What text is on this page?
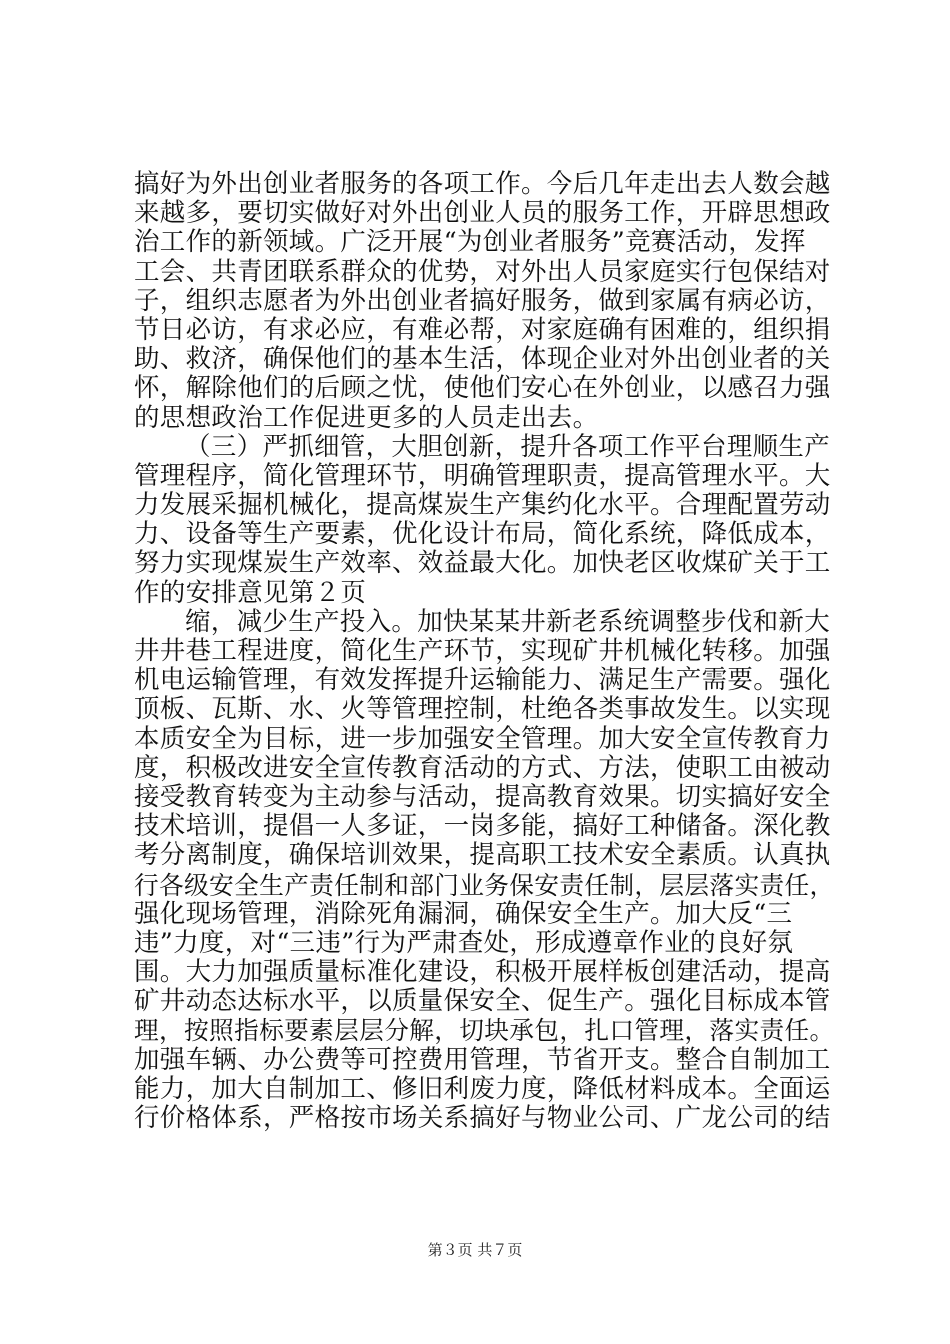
搞好为外出创业者服务的各项工作。今后几年走出去人数会越
来越多，要切实做好对外出创业人员的服务工作，开辟思想政
治工作的新领域。广泛开展“为创业者服务”竞赛活动，发挥
工会、共青团联系群众的优势，对外出人员家庭实行包保结对
子，组织志愿者为外出创业者搞好服务，做到家属有病必访，
节日必访，有求必应，有难必帮，对家庭确有困难的，组织捐
助、救济，确保他们的基本生活，体现企业对外出创业者的关
怀，解除他们的后顾之忧，使他们安心在外创业，以感召力强
的思想政治工作促进更多的人员走出去。
（三）严抓细管，大胆创新，提升各项工作平台理顺生产
管理程序，简化管理环节，明确管理职责，提高管理水平。大
力发展采掘机械化，提高煤炭生产集约化水平。合理配置劳动
力、设备等生产要素，优化设计布局，简化系统，降低成本，
努力实现煤炭生产效率、效益最大化。加快老区收煤矿关于工
作的安排意见第２页
缩，减少生产投入。加快某某井新老系统调整步伐和新大
井井巷工程进度，简化生产环节，实现矿井机械化转移。加强
机电运输管理，有效发挥提升运输能力、满足生产需要。强化
顶板、瓦斯、水、火等管理控制，杜绝各类事故发生。以实现
本质安全为目标，进一步加强安全管理。加大安全宣传教育力
度，积极改进安全宣传教育活动的方式、方法，使职工由被动
接受教育转变为主动参与活动，提高教育效果。切实搞好安全
技术培训，提倡一人多证，一岗多能，搞好工种储备。深化教
考分离制度，确保培训效果，提高职工技术安全素质。认真执
行各级安全生产责任制和部门业务保安责任制，层层落实责任，
强化现场管理，消除死角漏洞，确保安全生产。加大反“三
违”力度，对“三违”行为严肃查处，形成遵章作业的良好氛
围。大力加强质量标准化建设，积极开展样板创建活动，提高
矿井动态达标水平，以质量保安全、促生产。强化目标成本管
理，按照指标要素层层分解，切块承包，扎口管理，落实责任。
加强车辆、办公费等可控费用管理，节省开支。整合自制加工
能力，加大自制加工、修旧利废力度，降低材料成本。全面运
行价格体系，严格按市场关系搞好与物业公司、广龙公司的结
第３页 共７页
